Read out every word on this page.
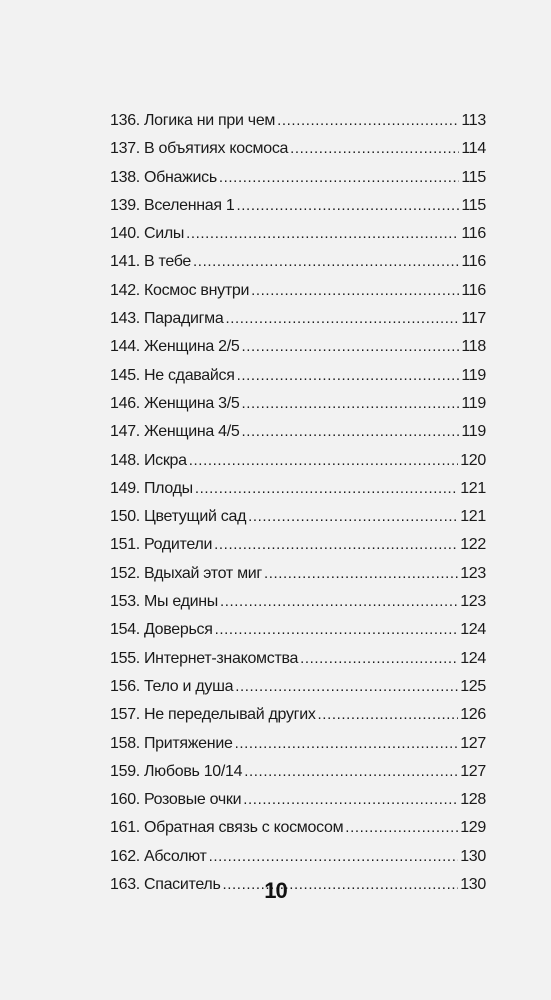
136. Логика ни при чем .....	113
137. В объятиях космоса .....	114
138. Обнажись .....	115
139. Вселенная 1 .....	115
140. Силы .....	116
141. В тебе .....	116
142. Космос внутри .....	116
143. Парадигма .....	117
144. Женщина 2/5 .....	118
145. Не сдавайся .....	119
146. Женщина 3/5 .....	119
147. Женщина 4/5 .....	119
148. Искра .....	120
149. Плоды .....	121
150. Цветущий сад .....	121
151. Родители .....	122
152. Вдыхай этот миг .....	123
153. Мы едины .....	123
154. Доверься .....	124
155. Интернет-знакомства .....	124
156. Тело и душа .....	125
157. Не переделывай других .....	126
158. Притяжение .....	127
159. Любовь 10/14 .....	127
160. Розовые очки .....	128
161. Обратная связь с космосом .....	129
162. Абсолют .....	130
163. Спаситель .....	130
10
